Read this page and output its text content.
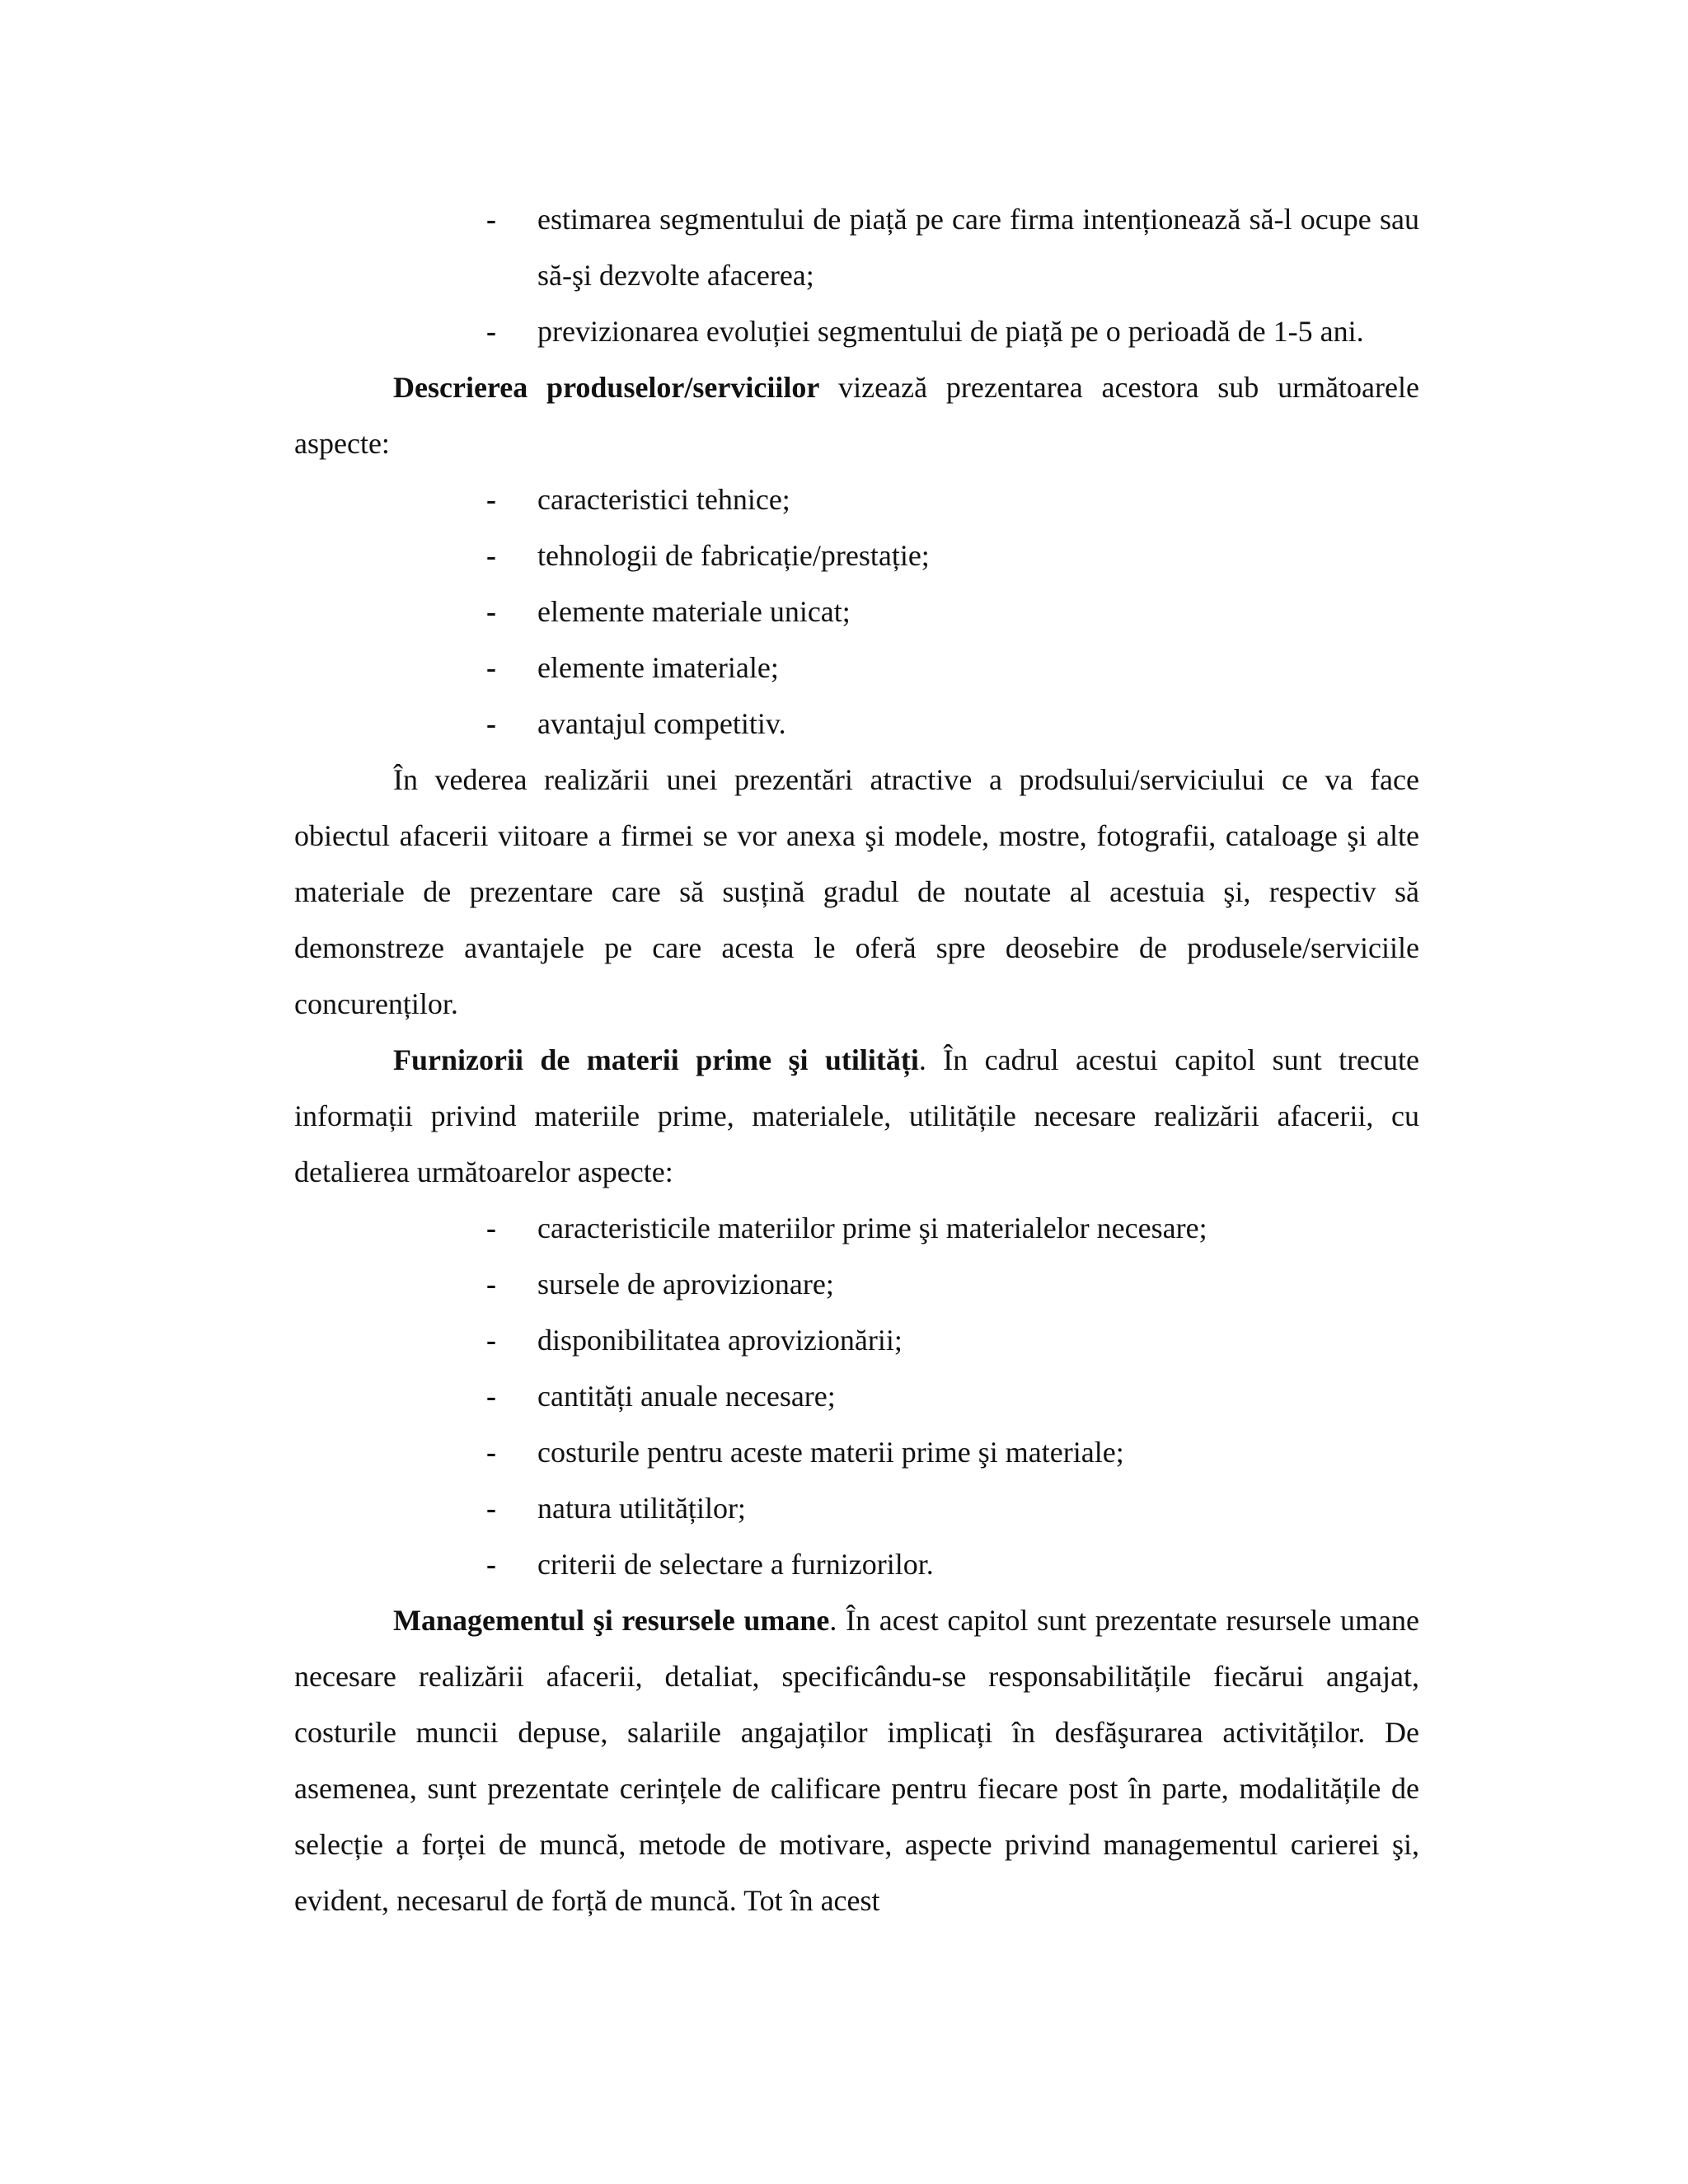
- estimarea segmentului de piață pe care firma intenționează să-l ocupe sau să-şi dezvolte afacerea;
- previzionarea evoluției segmentului de piață pe o perioadă de 1-5 ani.

Descrierea produselor/serviciilor vizează prezentarea acestora sub următoarele aspecte:

- caracteristici tehnice;
- tehnologii de fabricație/prestație;
- elemente materiale unicat;
- elemente imateriale;
- avantajul competitiv.

În vederea realizării unei prezentări atractive a prodsului/serviciului ce va face obiectul afacerii viitoare a firmei se vor anexa şi modele, mostre, fotografii, cataloage şi alte materiale de prezentare care să susțină gradul de noutate al acestuia şi, respectiv să demonstreze avantajele pe care acesta le oferă spre deosebire de produsele/serviciile concurenților.

Furnizorii de materii prime şi utilități. În cadrul acestui capitol sunt trecute informații privind materiile prime, materialele, utilitățile necesare realizării afacerii, cu detalierea următoarelor aspecte:

- caracteristicile materiilor prime şi materialelor necesare;
- sursele de aprovizionare;
- disponibilitatea aprovizionării;
- cantități anuale necesare;
- costurile pentru aceste materii prime şi materiale;
- natura utilităților;
- criterii de selectare a furnizorilor.

Managementul şi resursele umane. În acest capitol sunt prezentate resursele umane necesare realizării afacerii, detaliat, specificându-se responsabilitățile fiecărui angajat, costurile muncii depuse, salariile angajaților implicați în desfăşurarea activităților. De asemenea, sunt prezentate cerințele de calificare pentru fiecare post în parte, modalitățile de selecție a forței de muncă, metode de motivare, aspecte privind managementul carierei şi, evident, necesarul de forță de muncă. Tot în acest
